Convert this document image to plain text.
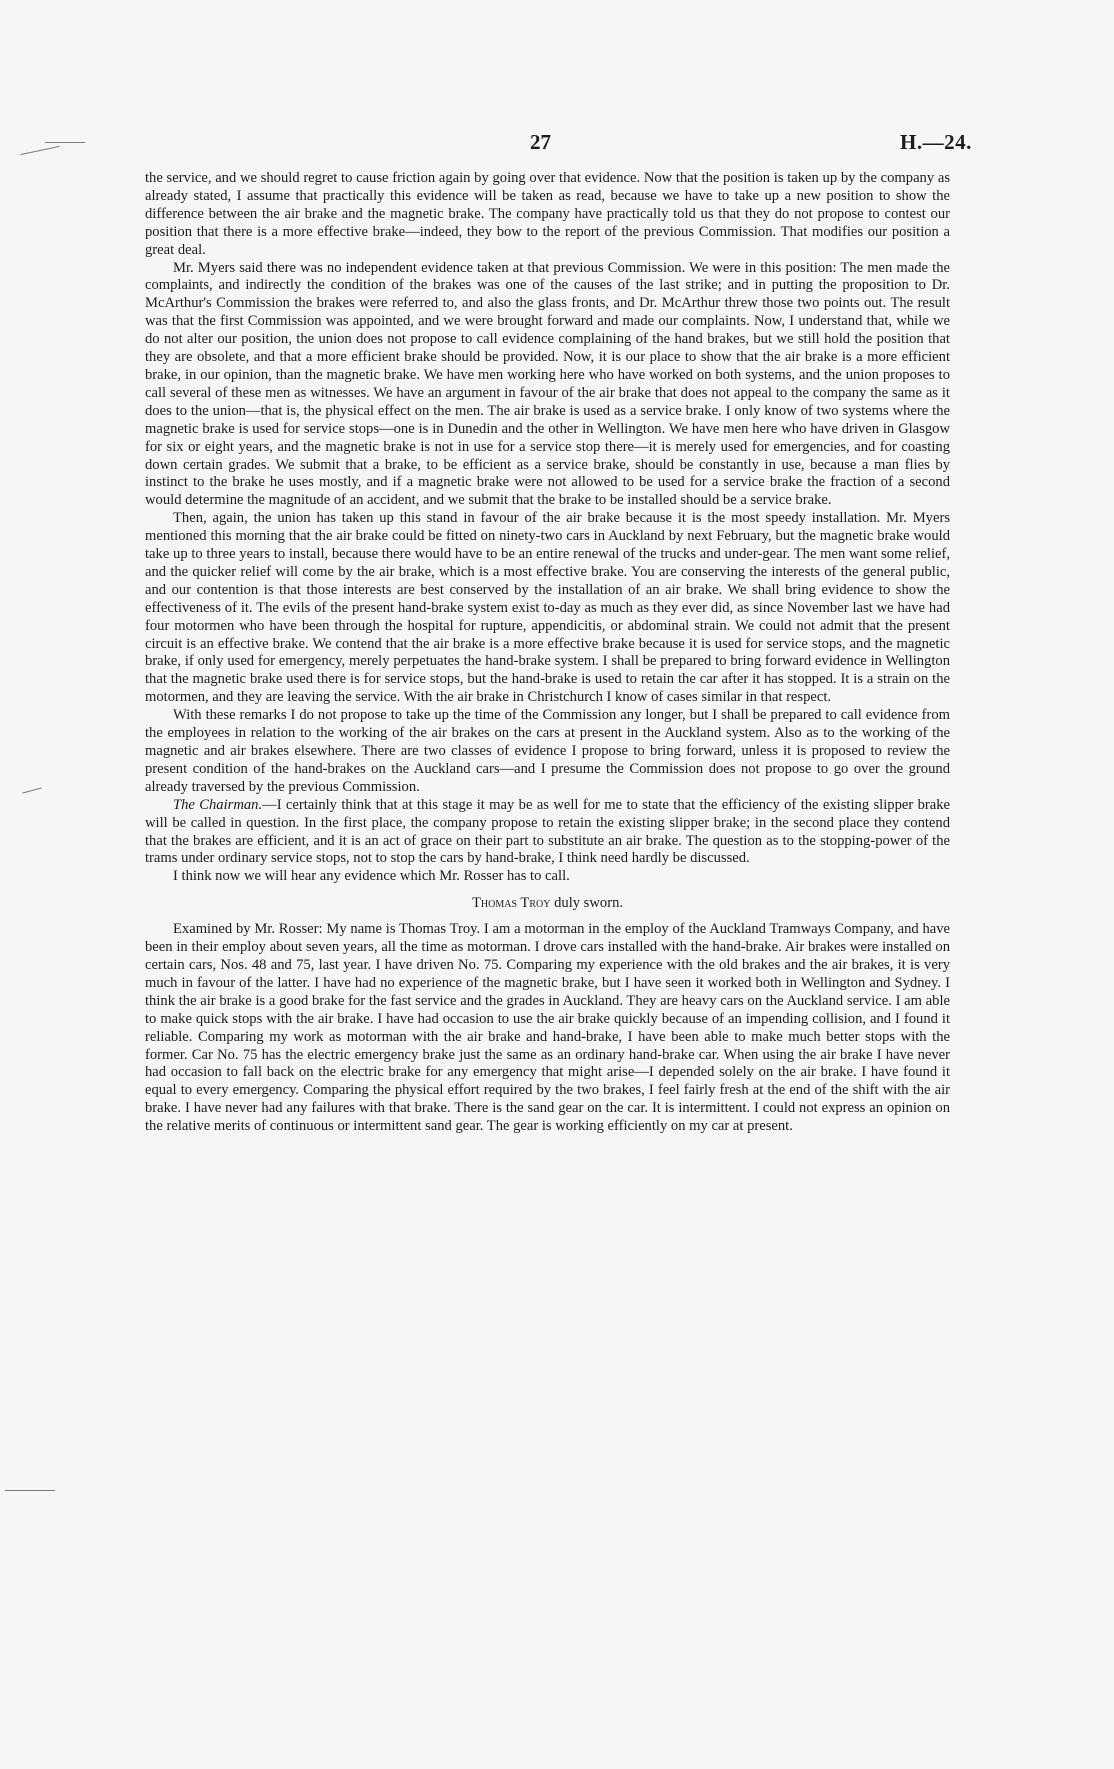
27	H.—24.

the service, and we should regret to cause friction again by going over that evidence. Now that the position is taken up by the company as already stated, I assume that practically this evidence will be taken as read, because we have to take up a new position to show the difference between the air brake and the magnetic brake. The company have practically told us that they do not propose to contest our position that there is a more effective brake—indeed, they bow to the report of the previous Commission. That modifies our position a great deal.

Mr. Myers said there was no independent evidence taken at that previous Commission. We were in this position: The men made the complaints, and indirectly the condition of the brakes was one of the causes of the last strike; and in putting the proposition to Dr. McArthur's Commission the brakes were referred to, and also the glass fronts, and Dr. McArthur threw those two points out. The result was that the first Commission was appointed, and we were brought forward and made our complaints. Now, I understand that, while we do not alter our position, the union does not propose to call evidence complaining of the hand brakes, but we still hold the position that they are obsolete, and that a more efficient brake should be provided. Now, it is our place to show that the air brake is a more efficient brake, in our opinion, than the magnetic brake. We have men working here who have worked on both systems, and the union proposes to call several of these men as witnesses. We have an argument in favour of the air brake that does not appeal to the company the same as it does to the union—that is, the physical effect on the men. The air brake is used as a service brake. I only know of two systems where the magnetic brake is used for service stops—one is in Dunedin and the other in Wellington. We have men here who have driven in Glasgow for six or eight years, and the magnetic brake is not in use for a service stop there—it is merely used for emergencies, and for coasting down certain grades. We submit that a brake, to be efficient as a service brake, should be constantly in use, because a man flies by instinct to the brake he uses mostly, and if a magnetic brake were not allowed to be used for a service brake the fraction of a second would determine the magnitude of an accident, and we submit that the brake to be installed should be a service brake.

Then, again, the union has taken up this stand in favour of the air brake because it is the most speedy installation. Mr. Myers mentioned this morning that the air brake could be fitted on ninety-two cars in Auckland by next February, but the magnetic brake would take up to three years to install, because there would have to be an entire renewal of the trucks and under-gear. The men want some relief, and the quicker relief will come by the air brake, which is a most effective brake. You are conserving the interests of the general public, and our contention is that those interests are best conserved by the installation of an air brake. We shall bring evidence to show the effectiveness of it. The evils of the present hand-brake system exist to-day as much as they ever did, as since November last we have had four motormen who have been through the hospital for rupture, appendicitis, or abdominal strain. We could not admit that the present circuit is an effective brake. We contend that the air brake is a more effective brake because it is used for service stops, and the magnetic brake, if only used for emergency, merely perpetuates the hand-brake system. I shall be prepared to bring forward evidence in Wellington that the magnetic brake used there is for service stops, but the hand-brake is used to retain the car after it has stopped. It is a strain on the motormen, and they are leaving the service. With the air brake in Christchurch I know of cases similar in that respect.

With these remarks I do not propose to take up the time of the Commission any longer, but I shall be prepared to call evidence from the employees in relation to the working of the air brakes on the cars at present in the Auckland system. Also as to the working of the magnetic and air brakes elsewhere. There are two classes of evidence I propose to bring forward, unless it is proposed to review the present condition of the hand-brakes on the Auckland cars—and I presume the Commission does not propose to go over the ground already traversed by the previous Commission.

The Chairman.—I certainly think that at this stage it may be as well for me to state that the efficiency of the existing slipper brake will be called in question. In the first place, the company propose to retain the existing slipper brake; in the second place they contend that the brakes are efficient, and it is an act of grace on their part to substitute an air brake. The question as to the stopping-power of the trams under ordinary service stops, not to stop the cars by hand-brake, I think need hardly be discussed.

I think now we will hear any evidence which Mr. Rosser has to call.

Thomas Troy duly sworn.

Examined by Mr. Rosser: My name is Thomas Troy. I am a motorman in the employ of the Auckland Tramways Company, and have been in their employ about seven years, all the time as motorman. I drove cars installed with the hand-brake. Air brakes were installed on certain cars, Nos. 48 and 75, last year. I have driven No. 75. Comparing my experience with the old brakes and the air brakes, it is very much in favour of the latter. I have had no experience of the magnetic brake, but I have seen it worked both in Wellington and Sydney. I think the air brake is a good brake for the fast service and the grades in Auckland. They are heavy cars on the Auckland service. I am able to make quick stops with the air brake. I have had occasion to use the air brake quickly because of an impending collision, and I found it reliable. Comparing my work as motorman with the air brake and hand-brake, I have been able to make much better stops with the former. Car No. 75 has the electric emergency brake just the same as an ordinary hand-brake car. When using the air brake I have never had occasion to fall back on the electric brake for any emergency that might arise—I depended solely on the air brake. I have found it equal to every emergency. Comparing the physical effort required by the two brakes, I feel fairly fresh at the end of the shift with the air brake. I have never had any failures with that brake. There is the sand gear on the car. It is intermittent. I could not express an opinion on the relative merits of continuous or intermittent sand gear. The gear is working efficiently on my car at present.
